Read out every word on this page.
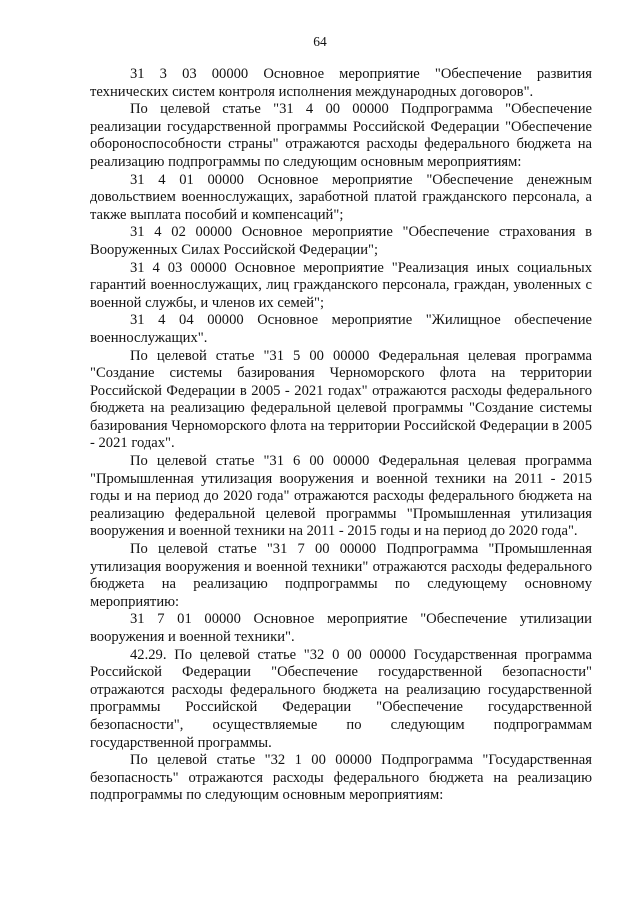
64

31 3 03 00000 Основное мероприятие "Обеспечение развития технических систем контроля исполнения международных договоров".

По целевой статье "31 4 00 00000 Подпрограмма "Обеспечение реализации государственной программы Российской Федерации "Обеспечение обороноспособности страны" отражаются расходы федерального бюджета на реализацию подпрограммы по следующим основным мероприятиям:

31 4 01 00000 Основное мероприятие "Обеспечение денежным довольствием военнослужащих, заработной платой гражданского персонала, а также выплата пособий и компенсаций";

31 4 02 00000 Основное мероприятие "Обеспечение страхования в Вооруженных Силах Российской Федерации";

31 4 03 00000 Основное мероприятие "Реализация иных социальных гарантий военнослужащих, лиц гражданского персонала, граждан, уволенных с военной службы, и членов их семей";

31 4 04 00000 Основное мероприятие "Жилищное обеспечение военнослужащих".

По целевой статье "31 5 00 00000 Федеральная целевая программа "Создание системы базирования Черноморского флота на территории Российской Федерации в 2005 - 2021 годах" отражаются расходы федерального бюджета на реализацию федеральной целевой программы "Создание системы базирования Черноморского флота на территории Российской Федерации в 2005 - 2021 годах".

По целевой статье "31 6 00 00000 Федеральная целевая программа "Промышленная утилизация вооружения и военной техники на 2011 - 2015 годы и на период до 2020 года" отражаются расходы федерального бюджета на реализацию федеральной целевой программы "Промышленная утилизация вооружения и военной техники на 2011 - 2015 годы и на период до 2020 года".

По целевой статье "31 7 00 00000 Подпрограмма "Промышленная утилизация вооружения и военной техники" отражаются расходы федерального бюджета на реализацию подпрограммы по следующему основному мероприятию:

31 7 01 00000 Основное мероприятие "Обеспечение утилизации вооружения и военной техники".

42.29. По целевой статье "32 0 00 00000 Государственная программа Российской Федерации "Обеспечение государственной безопасности" отражаются расходы федерального бюджета на реализацию государственной программы Российской Федерации "Обеспечение государственной безопасности", осуществляемые по следующим подпрограммам государственной программы.

По целевой статье "32 1 00 00000 Подпрограмма "Государственная безопасность" отражаются расходы федерального бюджета на реализацию подпрограммы по следующим основным мероприятиям:
